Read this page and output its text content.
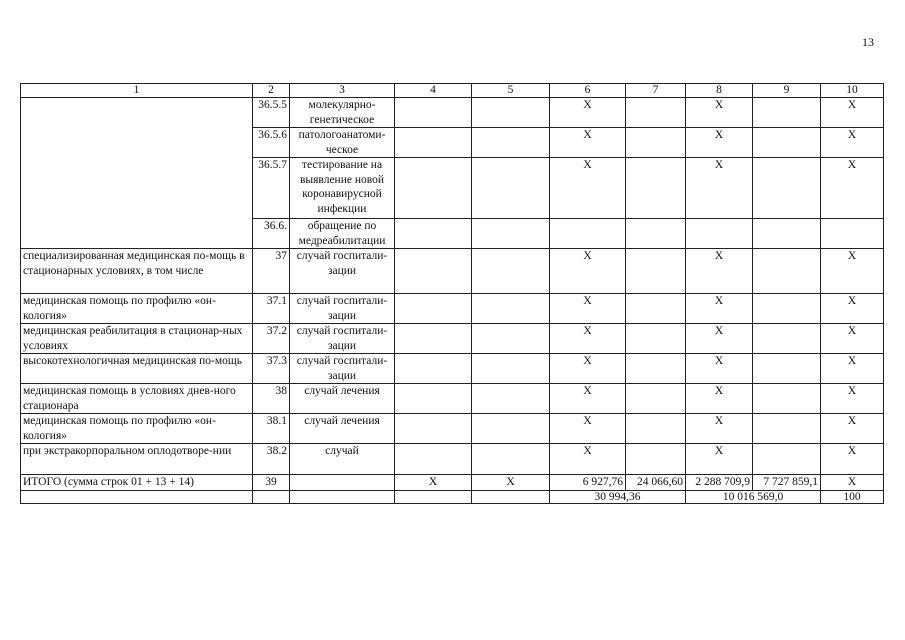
13
1	2	3	4	5	6	7	8	9	10
	36.5.5	молекулярно-генетическое			X		X		X
	36.5.6	патологоанатоми-ческое			X		X		X
	36.5.7	тестирование на выявление новой коронавирусной инфекции			X		X		X
	36.6.	обращение по медреабилитации							
специализированная медицинская по-мощь в стационарных условиях, в том числе	37	случай госпитали-зации			X		X		X
медицинская помощь по профилю «он-кология»	37.1	случай госпитали-зации			X		X		X
медицинская реабилитация в стационар-ных условиях	37.2	случай госпитали-зации			X		X		X
высокотехнологичная медицинская по-мощь	37.3	случай госпитали-зации			X		X		X
медицинская помощь в условиях днев-ного стационара	38	случай лечения			X		X		X
медицинская помощь по профилю «он-кология»	38.1	случай лечения			X		X		X
при экстракорпоральном оплодотворе-нии	38.2	случай			X		X		X
ИТОГО (сумма строк 01 + 13 + 14)	39		X	X	6 927,76	24 066,60	2 288 709,9	7 727 859,1	X
					30 994,36		10 016 569,0		100
